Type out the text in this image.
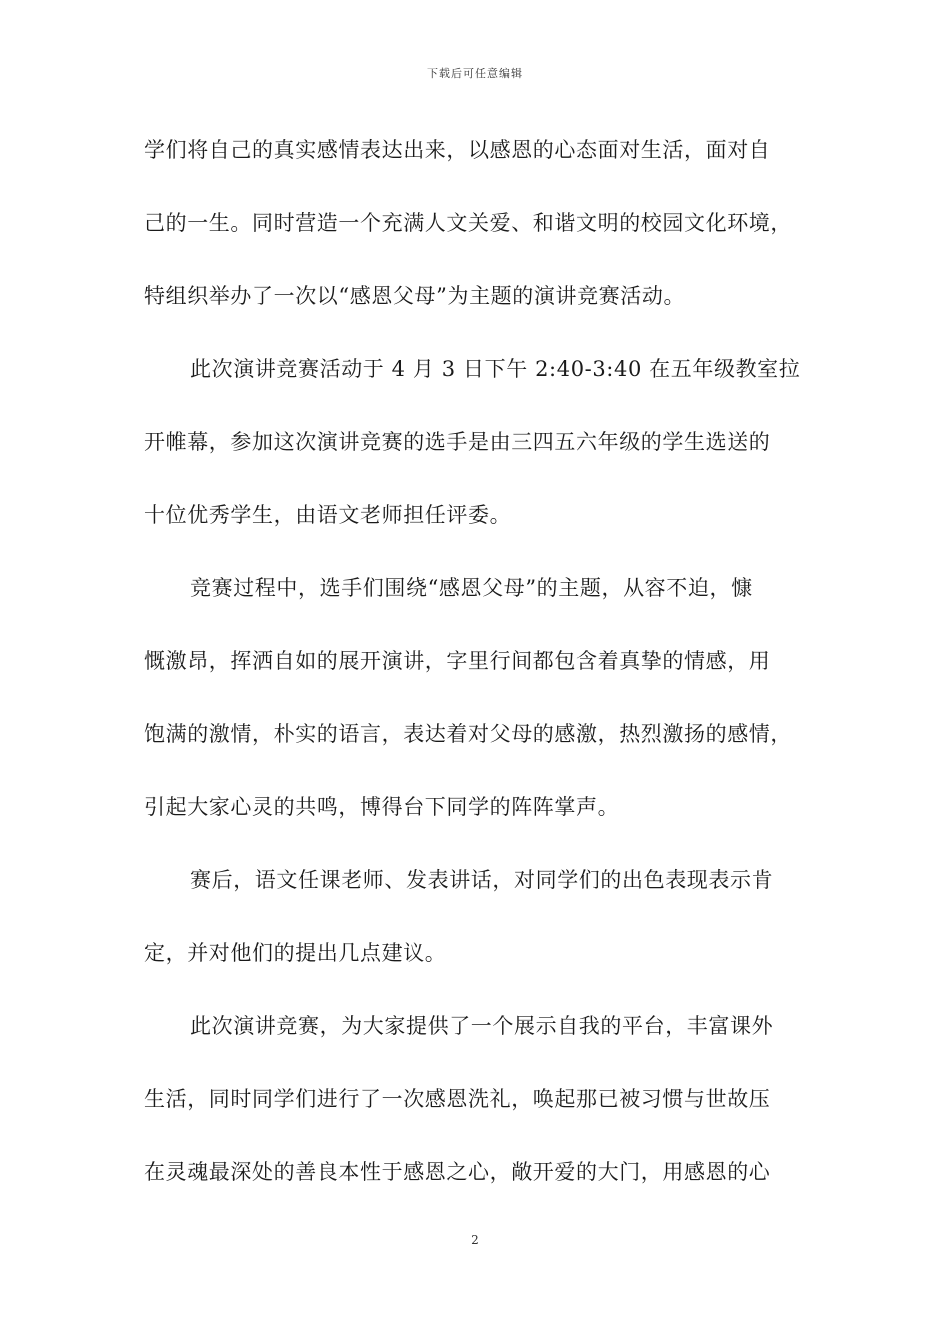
下载后可任意编辑
学们将自己的真实感情表达出来，以感恩的心态面对生活，面对自
己的一生。同时营造一个充满人文关爱、和谐文明的校园文化环境，
特组织举办了一次以“感恩父母”为主题的演讲竞赛活动。
此次演讲竞赛活动于 4 月 3 日下午 2:40-3:40 在五年级教室拉
开帷幕，参加这次演讲竞赛的选手是由三四五六年级的学生选送的
十位优秀学生，由语文老师担任评委。
竞赛过程中，选手们围绕“感恩父母”的主题，从容不迫，慷
慨激昂，挥洒自如的展开演讲，字里行间都包含着真挚的情感，用
饱满的激情，朴实的语言，表达着对父母的感激，热烈激扬的感情，
引起大家心灵的共鸣，博得台下同学的阵阵掌声。
赛后，语文任课老师、发表讲话，对同学们的出色表现表示肯
定，并对他们的提出几点建议。
此次演讲竞赛，为大家提供了一个展示自我的平台，丰富课外
生活，同时同学们进行了一次感恩洗礼，唤起那已被习惯与世故压
在灵魂最深处的善良本性于感恩之心，敞开爱的大门，用感恩的心
2
